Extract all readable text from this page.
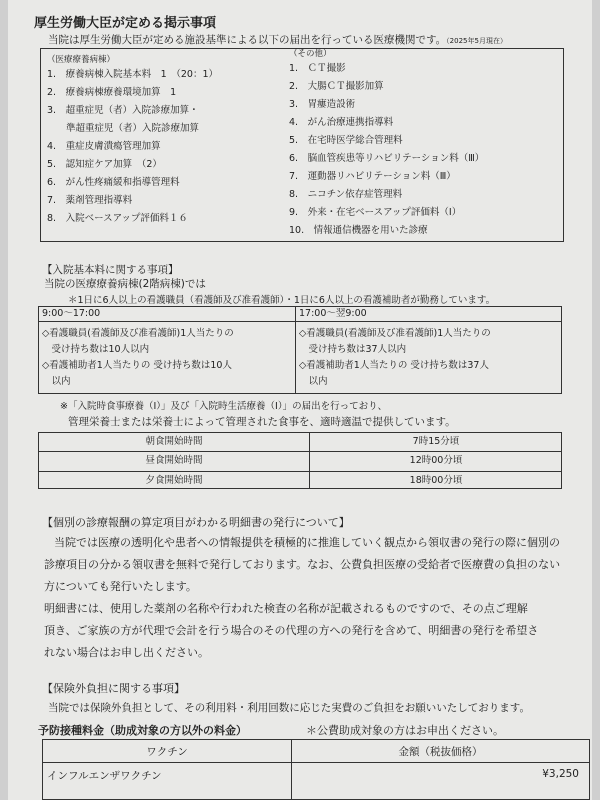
厚生労働大臣が定める掲示事項
当院は厚生労働大臣が定める施設基準による以下の届出を行っている医療機関です。（2025年5月現在）
（医療療養病棟）
1.　療養病棟入院基本料　1　（20：1）
2.　療養病棟療養環境加算　1
3.　超重症児（者）入院診療加算・
　　準超重症児（者）入院診療加算
4.　重症皮膚潰瘍管理加算
5.　認知症ケア加算　（2）
6.　がん性疼痛緩和指導管理料
7.　薬剤管理指導料
8.　入院ベースアップ評価料１６
（その他）
1.　ＣＴ撮影
2.　大腸ＣＴ撮影加算
3.　胃瘻造設術
4.　がん治療連携指導料
5.　在宅時医学総合管理料
6.　脳血管疾患等リハビリテーション料（Ⅲ）
7.　運動器リハビリテーション料（Ⅲ）
8.　ニコチン依存症管理料
9.　外来・在宅ベースアップ評価料（Ⅰ）
10.　情報通信機器を用いた診療
【入院基本料に関する事項】
当院の医療療養病棟(2階病棟)では
＊1日に6人以上の看護職員（看護師及び准看護師）・1日に6人以上の看護補助者が勤務しています。
9:00～17:00
◇看護職員(看護師及び准看護師)1人当たりの
　受け持ち数は10人以内
◇看護補助者1人当たりの 受け持ち数は10人
　以内
17:00～翌9:00
◇看護職員(看護師及び准看護師)1人当たりの
　受け持ち数は37人以内
◇看護補助者1人当たりの 受け持ち数は37人
　以内
※「入院時食事療養（Ⅰ）」及び「入院時生活療養（Ⅰ）」の届出を行っており、
管理栄養士または栄養士によって管理された食事を、適時適温で提供しています。
朝食開始時間	7時15分頃
昼食開始時間	12時00分頃
夕食開始時間	18時00分頃
【個別の診療報酬の算定項目がわかる明細書の発行について】
当院では医療の透明化や患者への情報提供を積極的に推進していく観点から領収書の発行の際に個別の
診療項目の分かる領収書を無料で発行しております。なお、公費負担医療の受給者で医療費の負担のない
方についても発行いたします。
明細書には、使用した薬剤の名称や行われた検査の名称が記載されるものですので、その点ご理解
頂き、ご家族の方が代理で会計を行う場合のその代理の方への発行を含めて、明細書の発行を希望さ
れない場合はお申し出ください。
【保険外負担に関する事項】
当院では保険外負担として、その利用料・利用回数に応じた実費のご負担をお願いいたしております。
予防接種料金（助成対象の方以外の料金）	＊公費助成対象の方はお申出ください。
ワクチン	金額（税抜価格）
インフルエンザワクチン	¥3,250
